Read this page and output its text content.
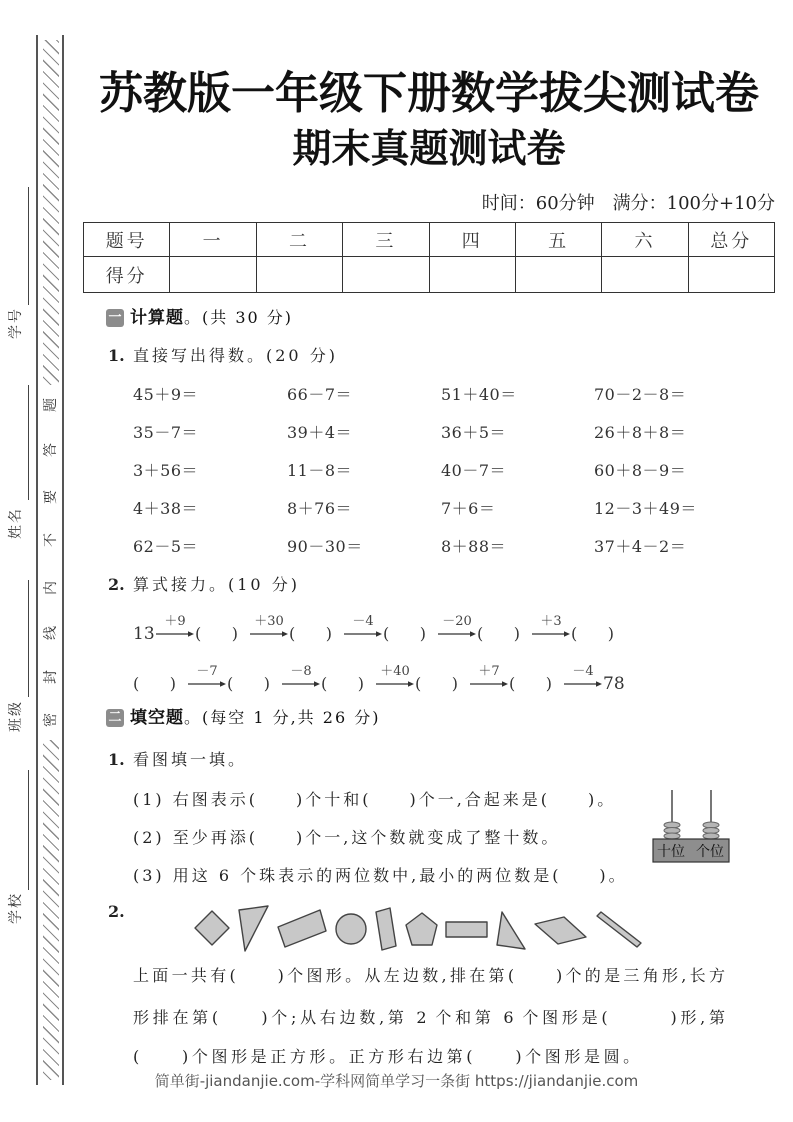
题
答
要
不
内
线
封
密
学号
姓名
班级
学校
苏教版一年级下册数学拔尖测试卷
期末真题测试卷
时间：60分钟　满分：100分+10分
题号	一	二	三	四	五	六	总分
得分							
一 计算题 。(共 30 分)
1. 直接写出得数。(20 分)
45＋9＝	66－7＝	51＋40＝	70－2－8＝
35－7＝	39＋4＝	36＋5＝	26＋8＋8＝
3＋56＝	11－8＝	40－7＝	60＋8－9＝
4＋38＝	8＋76＝	7＋6＝	12－3＋49＝
62－5＝	90－30＝	8＋88＝	37＋4－2＝
2. 算式接力。(10 分)
13
＋9
(      )
＋30
(      )
－4
(      )
－20
(      )
＋3
(      )
(      )
－7
(      )
－8
(      )
＋40
(      )
＋7
(      )
－4
78
二 填空题 。(每空 1 分,共 26 分)
1. 看图填一填。
(1) 右图表示(　　)个十和(　　)个一,合起来是(　　)。
(2) 至少再添(　　)个一,这个数就变成了整十数。
(3) 用这 6 个珠表示的两位数中,最小的两位数是(　　)。
十位 个位
2.
上面一共有(　　)个图形。从左边数,排在第(　　)个的是三角形,长方
形排在第(　　)个;从右边数,第 2 个和第 6 个图形是(　　　)形,第
(　　)个图形是正方形。正方形右边第(　　)个图形是圆。
简单街-jiandanjie.com-学科网简单学习一条街 https://jiandanjie.com
